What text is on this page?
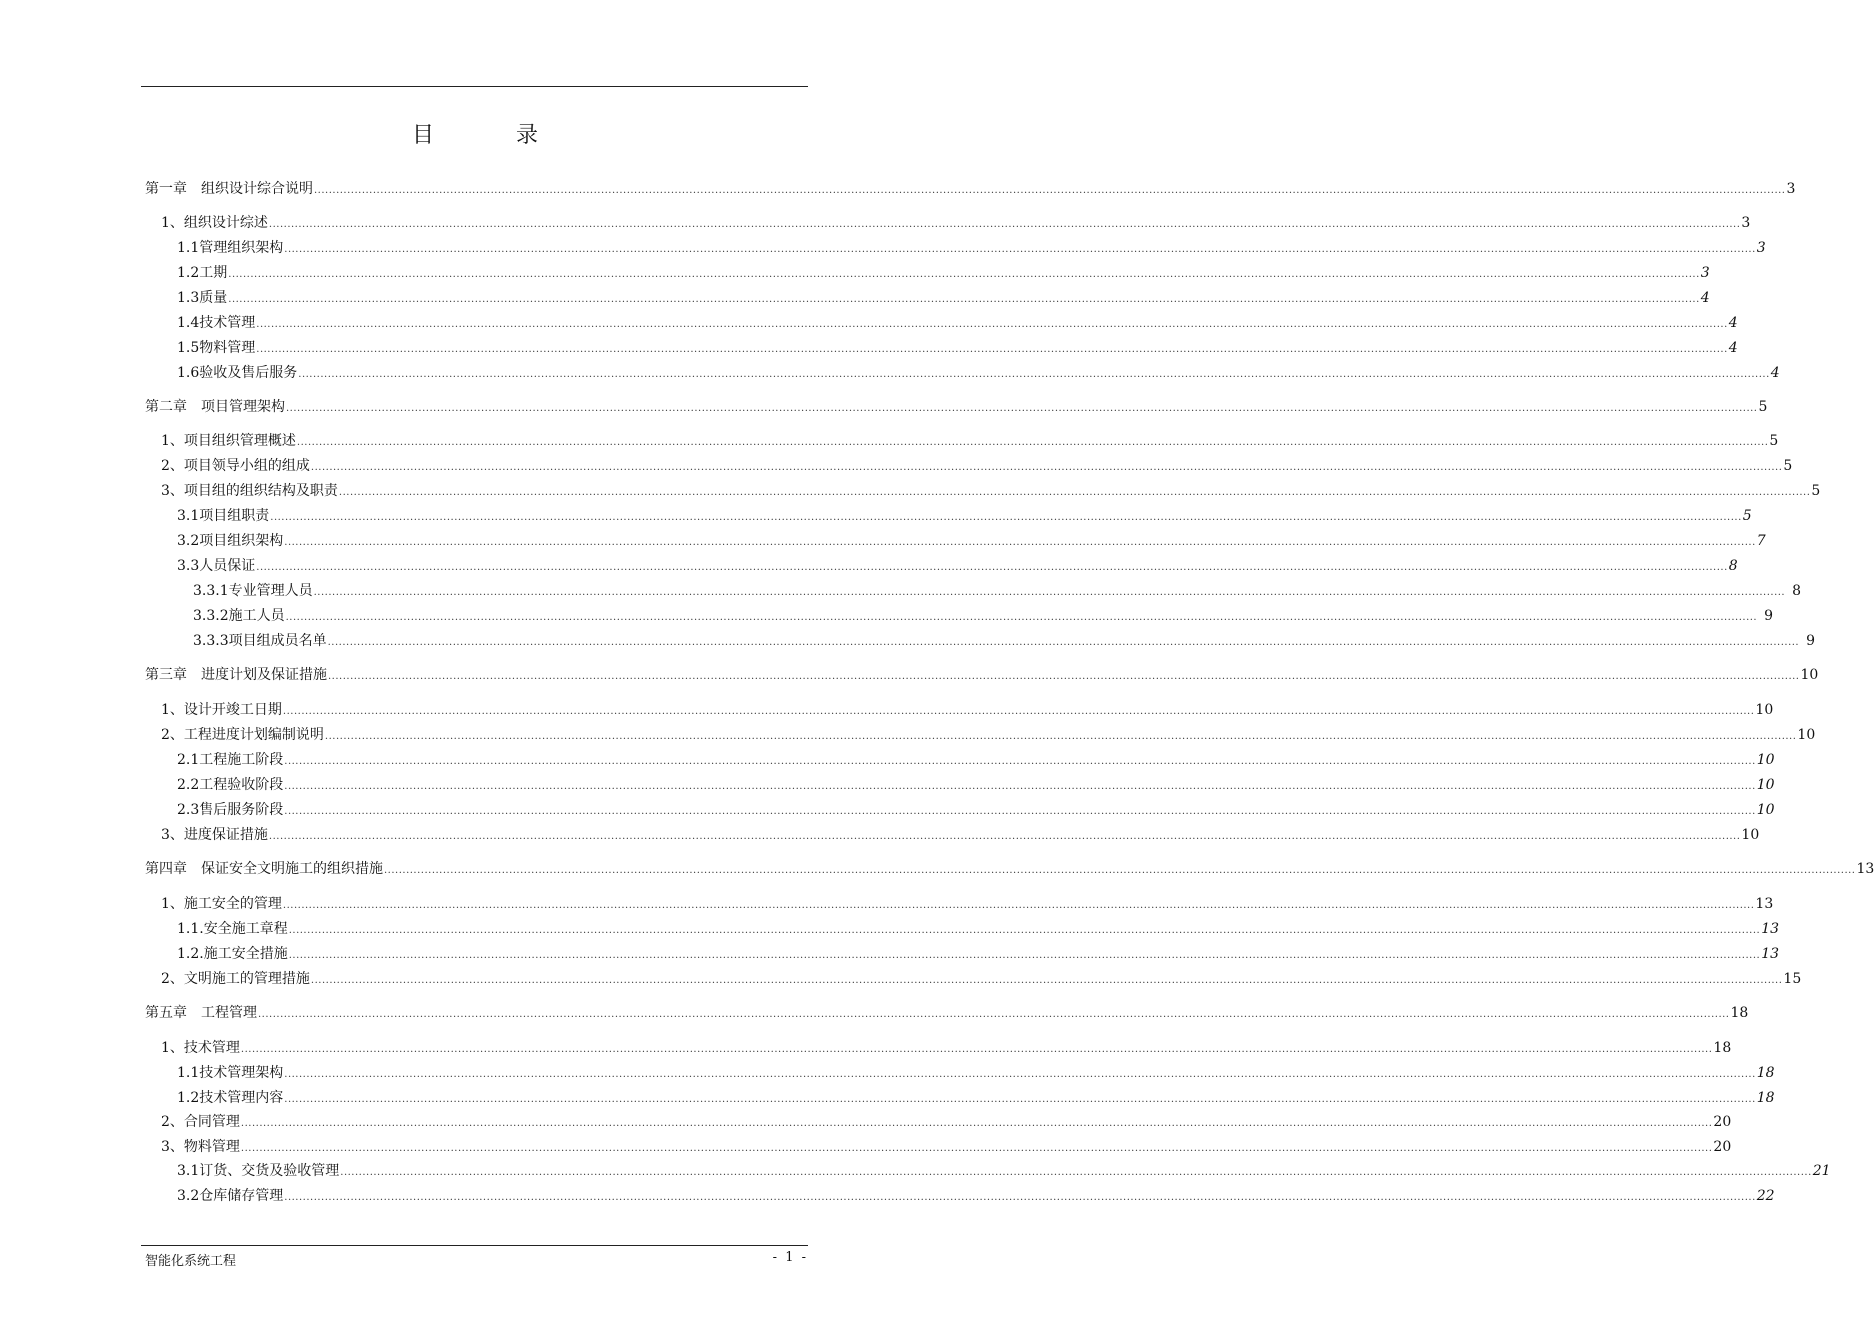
目　录
第一章　组织设计综合说明 ................................................................................................................................................................................................................................................................................................................................................................................................................ 3
1、组织设计综述 ................................................................................................................................................................................................................................................................................................................................................................................................................ 3
1.1管理组织架构 ................................................................................................................................................................................................................................................................................................................................................................................................................ 3
1.2工期 ................................................................................................................................................................................................................................................................................................................................................................................................................ 3
1.3质量 ................................................................................................................................................................................................................................................................................................................................................................................................................ 4
1.4技术管理 ................................................................................................................................................................................................................................................................................................................................................................................................................ 4
1.5物料管理 ................................................................................................................................................................................................................................................................................................................................................................................................................ 4
1.6验收及售后服务 ................................................................................................................................................................................................................................................................................................................................................................................................................ 4
第二章　项目管理架构 ................................................................................................................................................................................................................................................................................................................................................................................................................ 5
1、项目组织管理概述 ................................................................................................................................................................................................................................................................................................................................................................................................................ 5
2、项目领导小组的组成 ................................................................................................................................................................................................................................................................................................................................................................................................................ 5
3、项目组的组织结构及职责 ................................................................................................................................................................................................................................................................................................................................................................................................................ 5
3.1项目组职责 ................................................................................................................................................................................................................................................................................................................................................................................................................ 5
3.2项目组织架构 ................................................................................................................................................................................................................................................................................................................................................................................................................ 7
3.3人员保证 ................................................................................................................................................................................................................................................................................................................................................................................................................ 8
3.3.1专业管理人员 ................................................................................................................................................................................................................................................................................................................................................................................................................ 8
3.3.2施工人员 ................................................................................................................................................................................................................................................................................................................................................................................................................ 9
3.3.3项目组成员名单 ................................................................................................................................................................................................................................................................................................................................................................................................................ 9
第三章　进度计划及保证措施 ................................................................................................................................................................................................................................................................................................................................................................................................................ 10
1、设计开竣工日期 ................................................................................................................................................................................................................................................................................................................................................................................................................ 10
2、工程进度计划编制说明 ................................................................................................................................................................................................................................................................................................................................................................................................................ 10
2.1工程施工阶段 ................................................................................................................................................................................................................................................................................................................................................................................................................ 10
2.2工程验收阶段 ................................................................................................................................................................................................................................................................................................................................................................................................................ 10
2.3售后服务阶段 ................................................................................................................................................................................................................................................................................................................................................................................................................ 10
3、进度保证措施 ................................................................................................................................................................................................................................................................................................................................................................................................................ 10
第四章　保证安全文明施工的组织措施 ................................................................................................................................................................................................................................................................................................................................................................................................................ 13
1、施工安全的管理 ................................................................................................................................................................................................................................................................................................................................................................................................................ 13
1.1.安全施工章程 ................................................................................................................................................................................................................................................................................................................................................................................................................ 13
1.2.施工安全措施 ................................................................................................................................................................................................................................................................................................................................................................................................................ 13
2、文明施工的管理措施 ................................................................................................................................................................................................................................................................................................................................................................................................................ 15
第五章　工程管理 ................................................................................................................................................................................................................................................................................................................................................................................................................ 18
1、技术管理 ................................................................................................................................................................................................................................................................................................................................................................................................................ 18
1.1技术管理架构 ................................................................................................................................................................................................................................................................................................................................................................................................................ 18
1.2技术管理内容 ................................................................................................................................................................................................................................................................................................................................................................................................................ 18
2、合同管理 ................................................................................................................................................................................................................................................................................................................................................................................................................ 20
3、物料管理 ................................................................................................................................................................................................................................................................................................................................................................................................................ 20
3.1订货、交货及验收管理 ................................................................................................................................................................................................................................................................................................................................................................................................................ 21
3.2仓库储存管理 ................................................................................................................................................................................................................................................................................................................................................................................................................ 22
智能化系统工程	- 1 -
